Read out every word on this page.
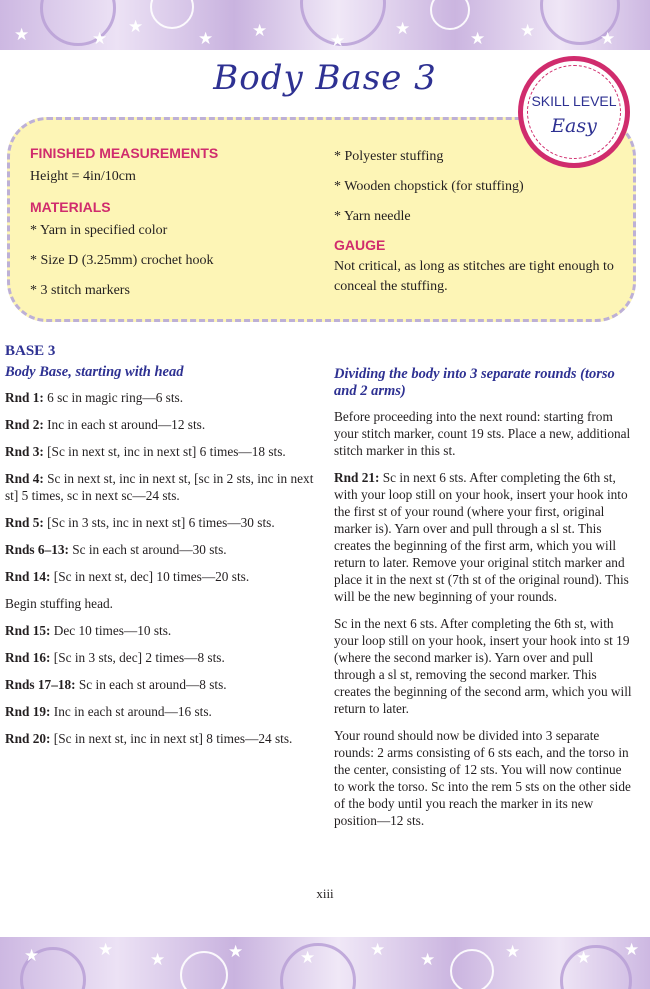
★	★
★
★ ★
★
★
★ ★	★
Body Base 3
FINISHED MEASUREMENTS

Height = 4in/10cm

MATERIALS

* Yarn in specified color

* Size D (3.25mm) crochet hook

* 3 stitch markers

* Polyester stuffing

* Wooden chopstick (for stuffing)

* Yarn needle

GAUGE

Not critical, as long as stitches are tight enough to conceal the stuffing.

SKILL LEVEL
Easy
BASE 3
Body Base, starting with head
Rnd 1: 6 sc in magic ring—6 sts.
Rnd 2: Inc in each st around—12 sts.
Rnd 3: [Sc in next st, inc in next st] 6 times—18 sts.
Rnd 4: Sc in next st, inc in next st, [sc in 2 sts, inc in next st] 5 times, sc in next sc—24 sts.
Rnd 5: [Sc in 3 sts, inc in next st] 6 times—30 sts.
Rnds 6–13: Sc in each st around—30 sts.
Rnd 14: [Sc in next st, dec] 10 times—20 sts.
Begin stuffing head.
Rnd 15: Dec 10 times—10 sts.
Rnd 16: [Sc in 3 sts, dec] 2 times—8 sts.
Rnds 17–18: Sc in each st around—8 sts.
Rnd 19: Inc in each st around—16 sts.
Rnd 20: [Sc in next st, inc in next st] 8 times—24 sts.
Dividing the body into 3 separate rounds (torso and 2 arms)
Before proceeding into the next round: starting from your stitch marker, count 19 sts. Place a new, additional stitch marker in this st.
Rnd 21: Sc in next 6 sts. After completing the 6th st, with your loop still on your hook, insert your hook into the first st of your round (where your first, original marker is). Yarn over and pull through a sl st. This creates the beginning of the first arm, which you will return to later. Remove your original stitch marker and place it in the next st (7th st of the original round). This will be the new beginning of your rounds.
Sc in the next 6 sts. After completing the 6th st, with your loop still on your hook, insert your hook into st 19 (where the second marker is). Yarn over and pull through a sl st, removing the second marker. This creates the beginning of the second arm, which you will return to later.
Your round should now be divided into 3 separate rounds: 2 arms consisting of 6 sts each, and the torso in the center, consisting of 12 sts. You will now continue to work the torso. Sc into the rem 5 sts on the other side of the body until you reach the marker in its new position—12 sts.
xiii
★	★
★	★	★	★
★	★	★ ★
